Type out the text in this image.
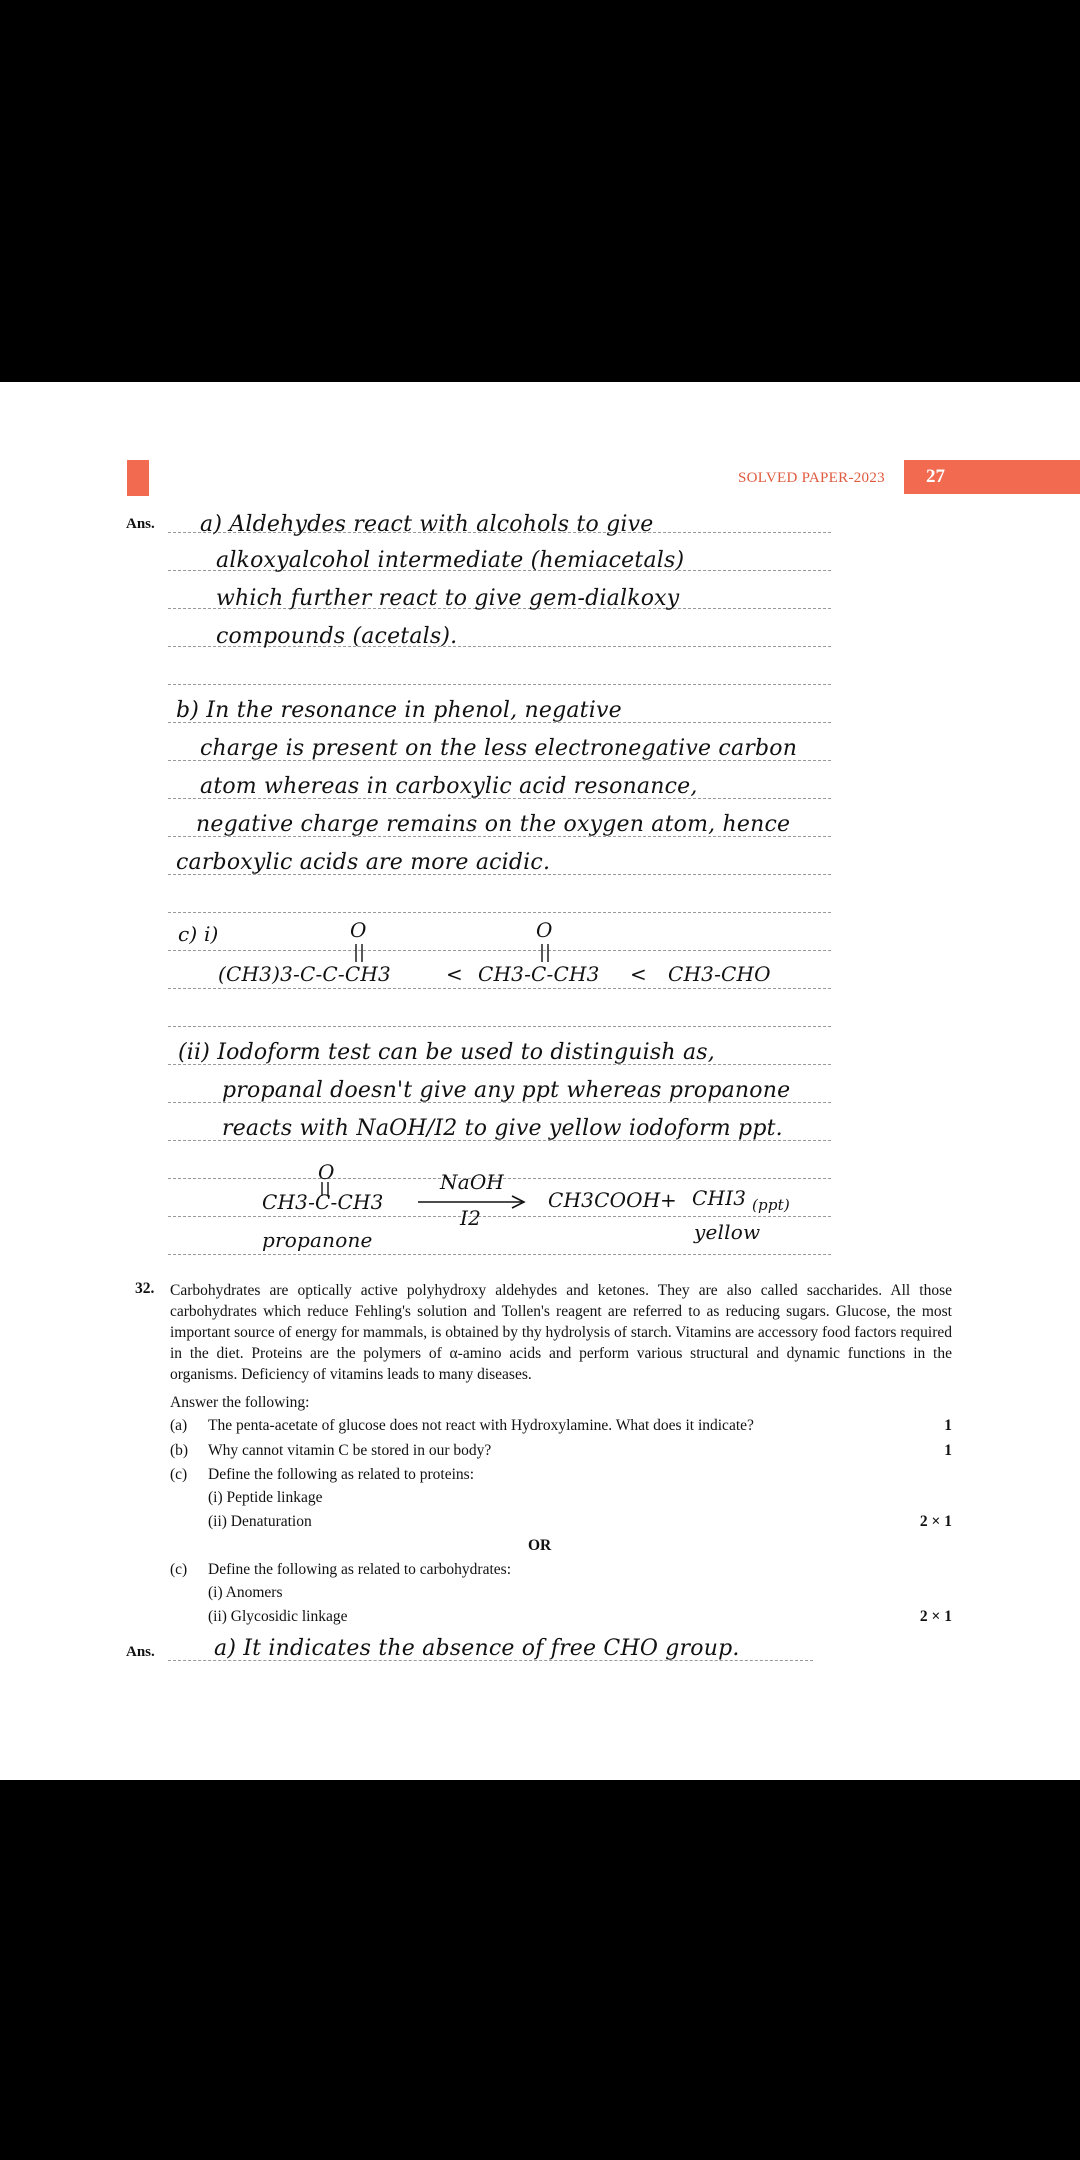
SOLVED PAPER-2023	27
Ans. a) Aldehydes react with alcohols to give
alkoxyalcohol intermediate (hemiacetals)
which further react to give gem-dialkoxy
compounds (acetals).
b) In the resonance in phenol, negative
charge is present on the less electronegative carbon
atom whereas in carboxylic acid resonance,
negative charge remains on the oxygen atom, hence
carboxylic acids are more acidic.
c) i)	O	O
(CH3)3-C-C-CH3	< CH3-C-CH3 < CH3-CHO
(ii) Iodoform test can be used to distinguish as,
propanal doesn't give any ppt whereas propanone
reacts with NaOH/I2 to give yellow iodoform ppt.
O	NaOH
CH3-C-CH3
I2
CH3COOH + CHI3 (ppt)
propanone	yellow
32. Carbohydrates are optically active polyhydroxy aldehydes and ketones. They are also called saccharides. All those carbohydrates which reduce Fehling's solution and Tollen's reagent are referred to as reducing sugars. Glucose, the most important source of energy for mammals, is obtained by thy hydrolysis of starch. Vitamins are accessory food factors required in the diet. Proteins are the polymers of α-amino acids and perform various structural and dynamic functions in the organisms. Deficiency of vitamins leads to many diseases.
Answer the following:
(a) The penta-acetate of glucose does not react with Hydroxylamine. What does it indicate?	1
(b) Why cannot vitamin C be stored in our body?	1
(c) Define the following as related to proteins:
(i) Peptide linkage
(ii) Denaturation	2 × 1
OR
(c) Define the following as related to carbohydrates:
(i) Anomers
(ii) Glycosidic linkage	2 × 1
Ans.	a) It indicates the absence of free CHO group.
